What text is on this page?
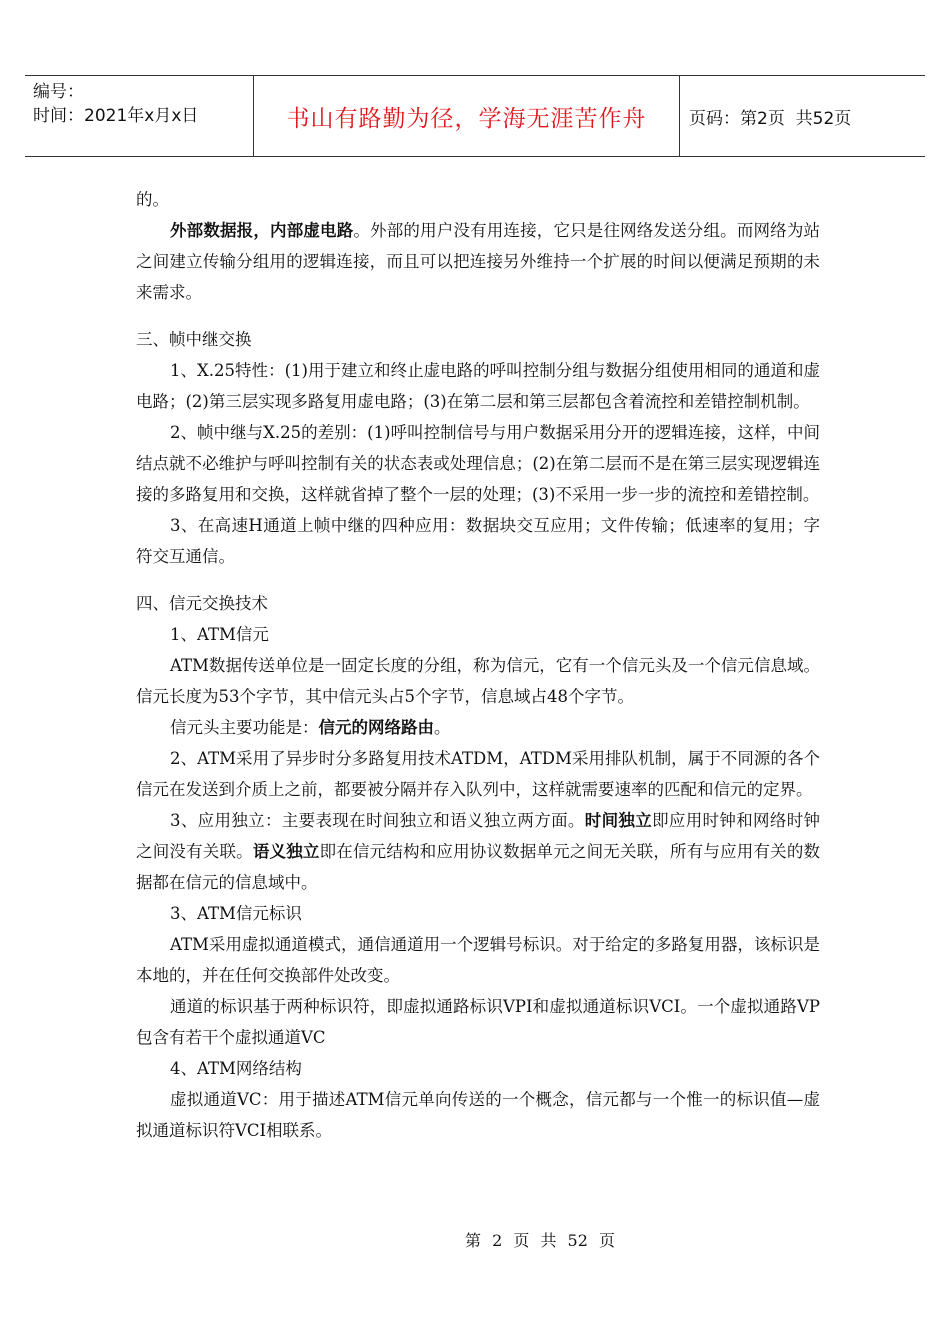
编号：
时间：2021年x月x日	书山有路勤为径，学海无涯苦作舟	页码：第2页  共52页

的。

外部数据报，内部虚电路。外部的用户没有用连接，它只是往网络发送分组。而网络为站之间建立传输分组用的逻辑连接，而且可以把连接另外维持一个扩展的时间以便满足预期的未来需求。

三、帧中继交换

1、X.25特性：(1)用于建立和终止虚电路的呼叫控制分组与数据分组使用相同的通道和虚电路；(2)第三层实现多路复用虚电路；(3)在第二层和第三层都包含着流控和差错控制机制。

2、帧中继与X.25的差别：(1)呼叫控制信号与用户数据采用分开的逻辑连接，这样，中间结点就不必维护与呼叫控制有关的状态表或处理信息；(2)在第二层而不是在第三层实现逻辑连接的多路复用和交换，这样就省掉了整个一层的处理；(3)不采用一步一步的流控和差错控制。

3、在高速H通道上帧中继的四种应用：数据块交互应用；文件传输；低速率的复用；字符交互通信。

四、信元交换技术

1、ATM信元

ATM数据传送单位是一固定长度的分组，称为信元，它有一个信元头及一个信元信息域。信元长度为53个字节，其中信元头占5个字节，信息域占48个字节。

信元头主要功能是：信元的网络路由。

2、ATM采用了异步时分多路复用技术ATDM，ATDM采用排队机制，属于不同源的各个信元在发送到介质上之前，都要被分隔并存入队列中，这样就需要速率的匹配和信元的定界。

3、应用独立：主要表现在时间独立和语义独立两方面。时间独立即应用时钟和网络时钟之间没有关联。语义独立即在信元结构和应用协议数据单元之间无关联，所有与应用有关的数据都在信元的信息域中。

3、ATM信元标识

ATM采用虚拟通道模式，通信通道用一个逻辑号标识。对于给定的多路复用器，该标识是本地的，并在任何交换部件处改变。

通道的标识基于两种标识符，即虚拟通路标识VPI和虚拟通道标识VCI。一个虚拟通路VP包含有若干个虚拟通道VC

4、ATM网络结构

虚拟通道VC：用于描述ATM信元单向传送的一个概念，信元都与一个惟一的标识值—虚拟通道标识符VCI相联系。

第 2 页 共 52 页
